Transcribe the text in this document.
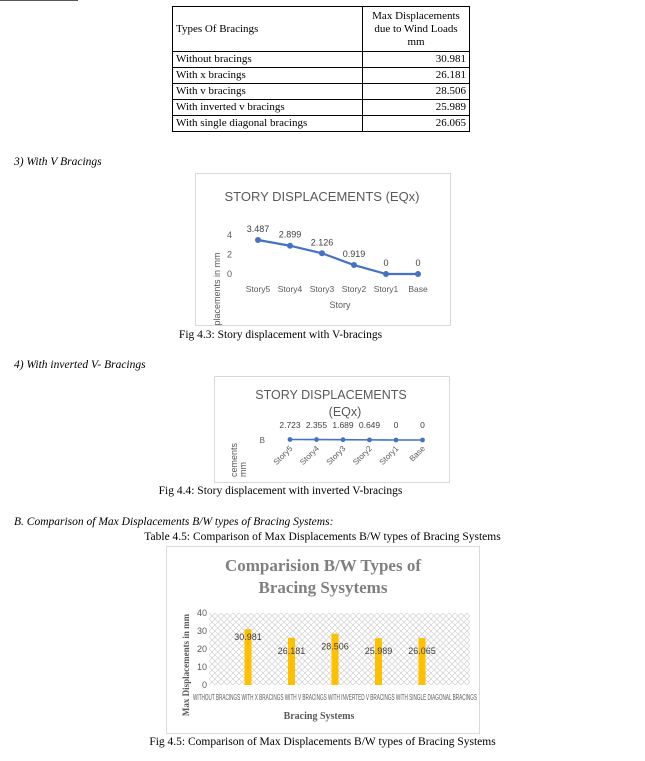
Types Of Bracings	Max Displacements due to Wind Loads mm
Without bracings	30.981
With x bracings	26.181
With v bracings	28.506
With inverted v bracings	25.989
With single diagonal bracings	26.065
3) With V Bracings
STORY DISPLACEMENTS (EQx)
placements in mm	Story
0
2
4
3.487
Story5
2.899
Story4
2.126
Story3
0.919
Story2
0
Story1
0
Base
Fig 4.3: Story displacement with V-bracings
4) With inverted V- Bracings
STORY DISPLACEMENTS
(EQx)
cements mm
B
2.723
Story5
2.355
Story4
1.689
Story3
0.649
Story2
0
Story1
0
Base
Fig 4.4: Story displacement with inverted V-bracings
B. Comparison of Max Displacements B/W types of Bracing Systems:
Table 4.5: Comparison of Max Displacements B/W types of Bracing Systems
Comparision B/W Types of
Bracing Sysytems
Max Displacements in mm
Bracing Systems
WITHOUT BRACINGS WITH X BRACINGS WITH V BRACINGS WITH INVERTED V BRACINGS WITH SINGLE DIAGONAL BRACINGS
0
10
20
30
40
30.981
26.181 28.506 25.989 26.065
Fig 4.5: Comparison of Max Displacements B/W types of Bracing Systems
